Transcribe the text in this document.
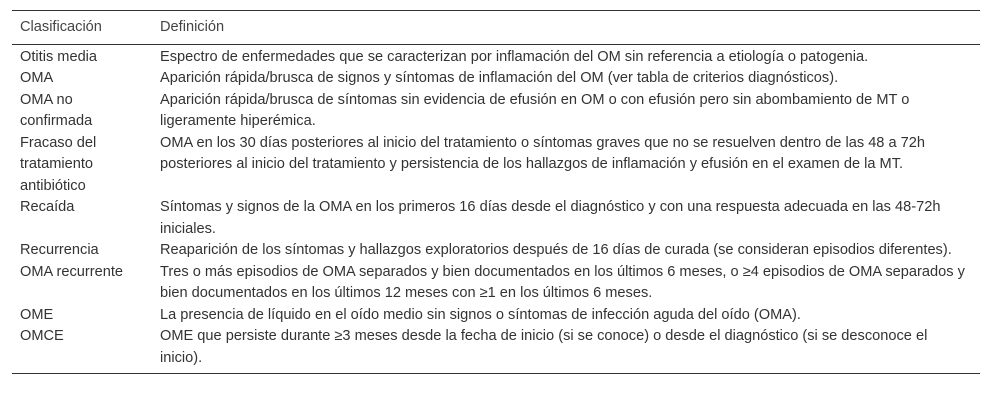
Clasificación	Definición
Otitis media	Espectro de enfermedades que se caracterizan por inflamación del OM sin referencia a etiología o patogenia.
OMA	Aparición rápida/brusca de signos y síntomas de inflamación del OM (ver tabla de criterios diagnósticos).
OMA no confirmada	Aparición rápida/brusca de síntomas sin evidencia de efusión en OM o con efusión pero sin abombamiento de MT o ligeramente hiperémica.
Fracaso del tratamiento antibiótico	OMA en los 30 días posteriores al inicio del tratamiento o síntomas graves que no se resuelven dentro de las 48 a 72h posteriores al inicio del tratamiento y persistencia de los hallazgos de inflamación y efusión en el examen de la MT.
Recaída	Síntomas y signos de la OMA en los primeros 16 días desde el diagnóstico y con una respuesta adecuada en las 48-72h iniciales.
Recurrencia	Reaparición de los síntomas y hallazgos exploratorios después de 16 días de curada (se consideran episodios diferentes).
OMA recurrente	Tres o más episodios de OMA separados y bien documentados en los últimos 6 meses, o ≥4 episodios de OMA separados y bien documentados en los últimos 12 meses con ≥1 en los últimos 6 meses.
OME	La presencia de líquido en el oído medio sin signos o síntomas de infección aguda del oído (OMA).
OMCE	OME que persiste durante ≥3 meses desde la fecha de inicio (si se conoce) o desde el diagnóstico (si se desconoce el inicio).
